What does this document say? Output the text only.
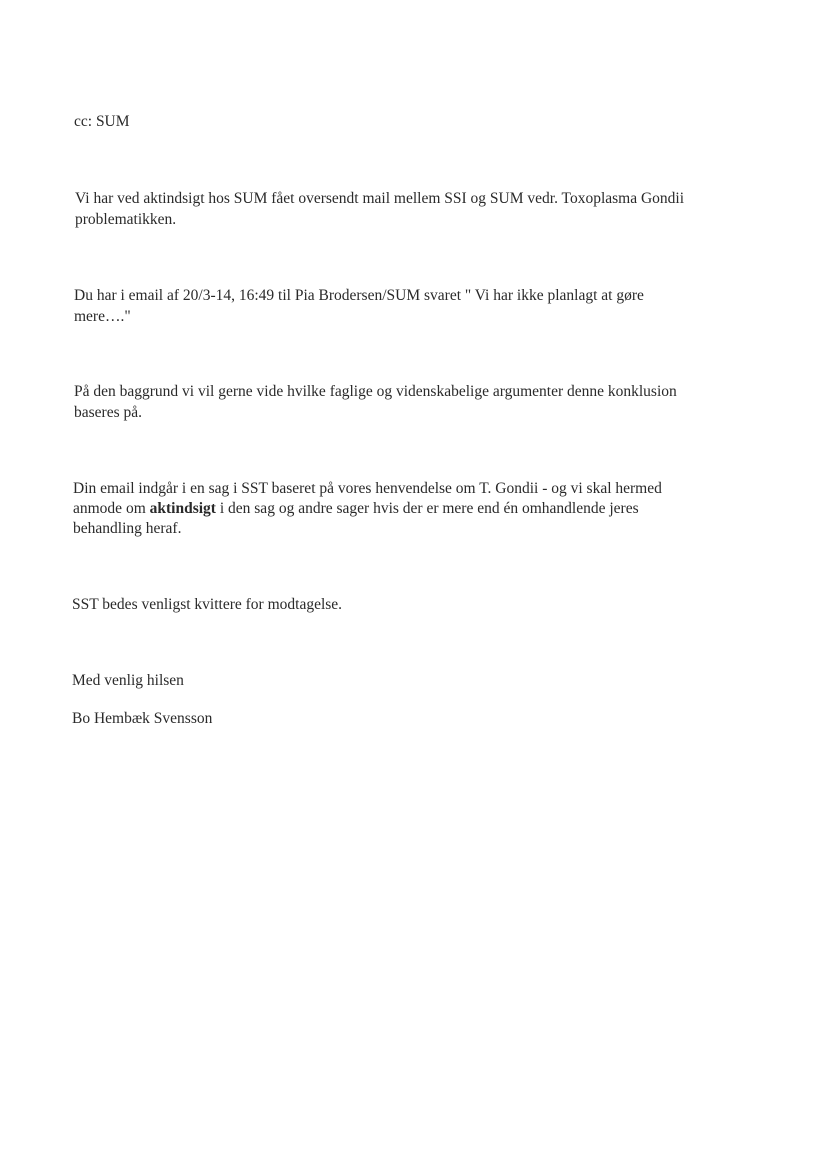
cc: SUM
Vi har ved aktindsigt hos SUM fået oversendt mail mellem SSI og SUM vedr. Toxoplasma Gondii
problematikken.
Du har i email af 20/3-14, 16:49 til Pia Brodersen/SUM svaret " Vi har ikke planlagt at gøre
mere…."
På den baggrund vi vil gerne vide hvilke faglige og videnskabelige argumenter denne konklusion
baseres på.
Din email indgår i en sag i SST baseret på vores henvendelse om T. Gondii - og vi skal hermed
anmode om aktindsigt i den sag og andre sager hvis der er mere end én omhandlende jeres
behandling heraf.
SST bedes venligst kvittere for modtagelse.
Med venlig hilsen
Bo Hembæk Svensson
